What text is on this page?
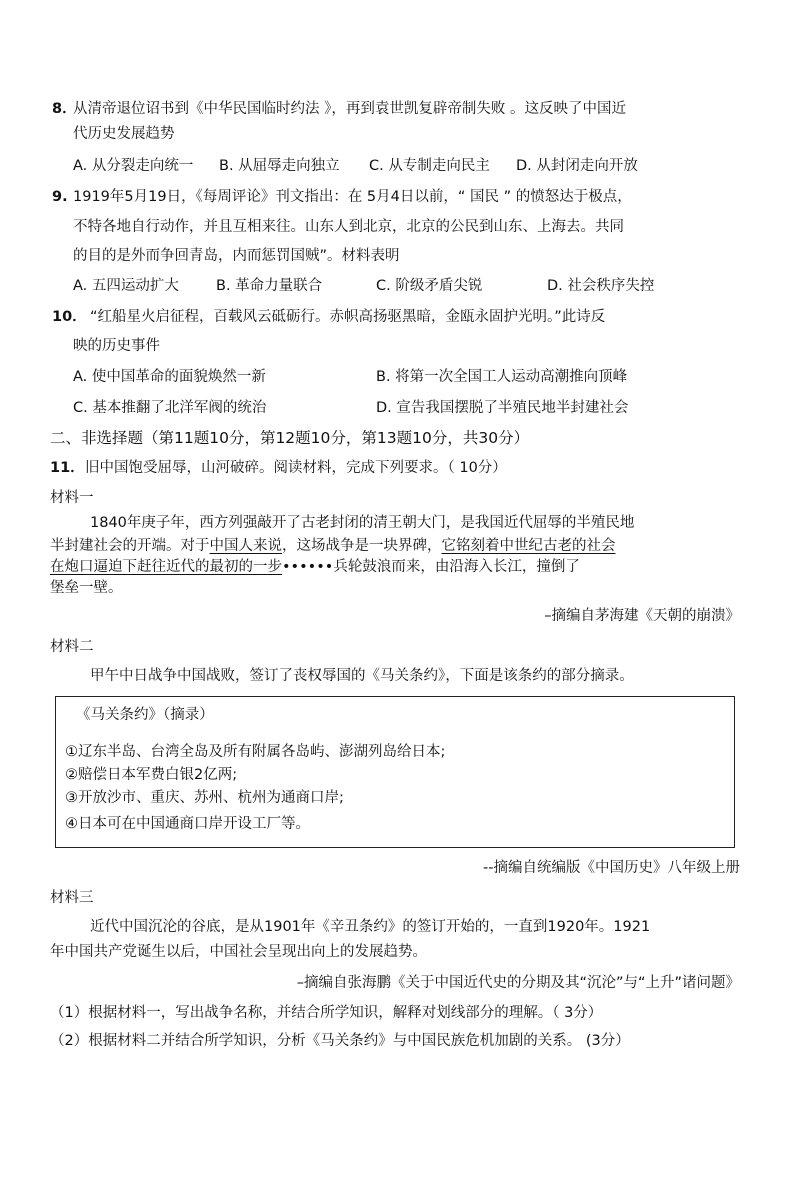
8．
从清帝退位诏书到《中华民国临时约法 》，再到袁世凯复辟帝制失败 。这反映了中国近
代历史发展趋势
A. 从分裂走向统一 B. 从屈辱走向独立 C. 从专制走向民主 D. 从封闭走向开放
9. 1919年5月19日，《每周评论》刊文指出：在 5月4日以前，“ 国民 ” 的愤怒达于极点，
不特各地自行动作，并且互相来往。山东人到北京，北京的公民到山东、上海去。共同
的目的是外而争回青岛，内而惩罚国贼”。材料表明
A. 五四运动扩大	B. 革命力量联合	C. 阶级矛盾尖锐	D. 社会秩序失控
10． “红船星火启征程，百载风云砥砺行。赤帜高扬驱黑暗，金瓯永固护光明。”此诗反
映的历史事件
A. 使中国革命的面貌焕然一新	B. 将第一次全国工人运动高潮推向顶峰
C. 基本推翻了北洋军阀的统治	D. 宣告我国摆脱了半殖民地半封建社会
二、非选择题（第11题10分，第12题10分，第13题10分，共30分）
11． 旧中国饱受屈辱，山河破碎。阅读材料，完成下列要求。（ 10分）
材料一
1840年庚子年，西方列强敲开了古老封闭的清王朝大门，是我国近代屈辱的半殖民地
半封建社会的开端。对于中国人来说，这场战争是一块界碑，它铭刻着中世纪古老的社会
在炮口逼迫下赶往近代的最初的一步••••••兵轮鼓浪而来，由沿海入长江，撞倒了
堡垒一壁。
–摘编自茅海建《天朝的崩溃》
材料二
甲午中日战争中国战败，签订了丧权辱国的《马关条约》，下面是该条约的部分摘录。
《马关条约》（摘录）
①辽东半岛、台湾全岛及所有附属各岛屿、澎湖列岛给日本;
②赔偿日本军费白银2亿两;
③开放沙市、重庆、苏州、杭州为通商口岸;
④日本可在中国通商口岸开设工厂等。
--摘编自统编版《中国历史》八年级上册
材料三
近代中国沉沦的谷底，是从1901年《辛丑条约》的签订开始的，一直到1920年。1921
年中国共产党诞生以后，中国社会呈现出向上的发展趋势。
–摘编自张海鹏《关于中国近代史的分期及其“沉沦”与“上升”诸问题》
（1）根据材料一，写出战争名称，并结合所学知识，解释对划线部分的理解。（ 3分）
（2）根据材料二并结合所学知识，分析《马关条约》与中国民族危机加剧的关系。 (3分）
